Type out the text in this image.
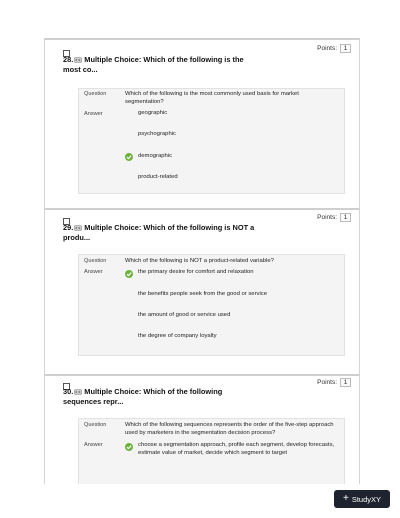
Points:	1
28. Multiple Choice: Which of the following is the
most co...
Question	Which of the following is the most commonly used basis for market segmentation?
Answer	geographic
psychographic
demographic
product-related
Points:	1
29. Multiple Choice: Which of the following is NOT a
produ...
Question	Which of the following is NOT a product-related variable?
Answer	the primary desire for comfort and relaxation
the benefits people seek from the good or service
the amount of good or service used
the degree of company loyalty
Points:	1
30. Multiple Choice: Which of the following
sequences repr...
Question	Which of the following sequences represents the order of the five-step approach used by marketers in the segmentation decision process?
Answer	choose a segmentation approach, profile each segment, develop forecasts, estimate value of market, decide which segment to target
+ StudyXY
